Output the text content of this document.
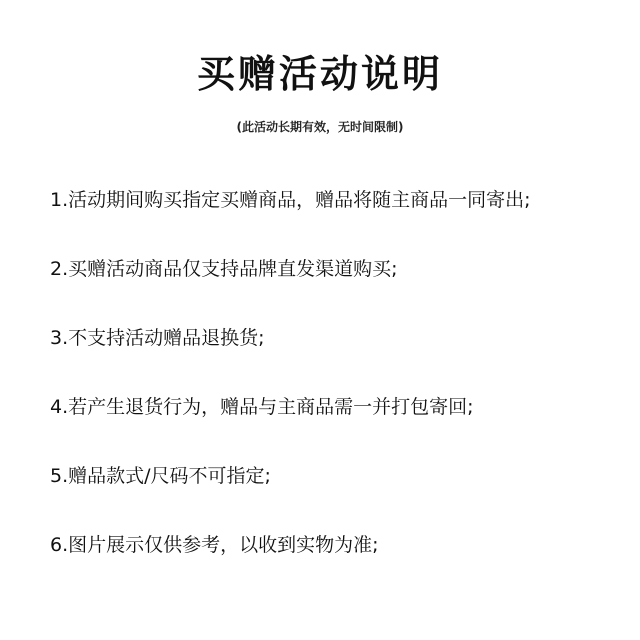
买赠活动说明
(此活动长期有效，无时间限制)
1.活动期间购买指定买赠商品，赠品将随主商品一同寄出;
2.买赠活动商品仅支持品牌直发渠道购买;
3.不支持活动赠品退换货;
4.若产生退货行为，赠品与主商品需一并打包寄回;
5.赠品款式/尺码不可指定;
6.图片展示仅供参考，以收到实物为准;
